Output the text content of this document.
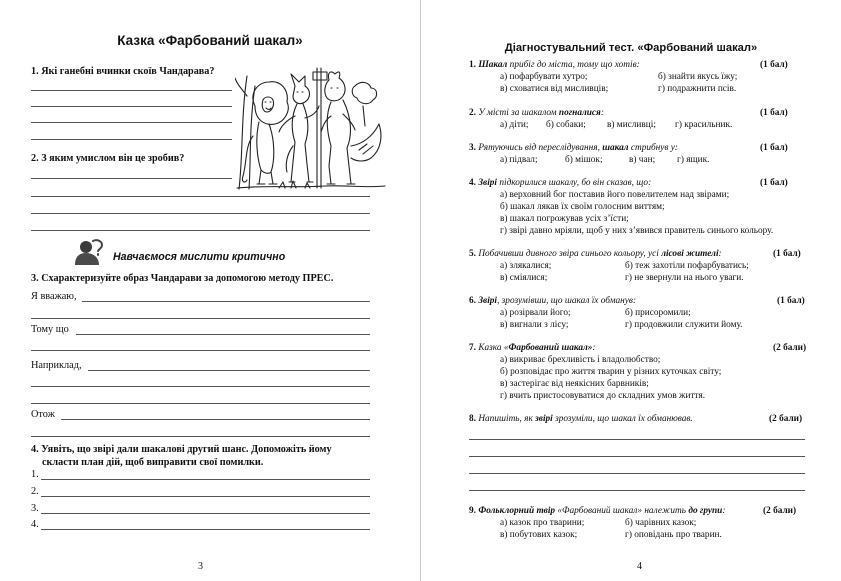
Казка «Фарбований шакал»
1. Які ганебні вчинки скоїв Чандарава?
2. З яким умислом він це зробив?
Навчаємося мислити критично
3. Схарактеризуйте образ Чандарави за допомогою методу ПРЕС.
Я вважаю,
Тому що
Наприклад,
Отож
4. Уявіть, що звірі дали шакалові другий шанс. Допоможіть йому
склaсти план дій, щоб виправити свої помилки.
1.
2.
3.
4.
3
Діагностувальний тест. «Фарбований шакал»
1. Шакал прибіг до міста, тому що хотів:	(1 бал)
а) пофарбувати хутро;	б) знайти якусь їжу;
в) сховатися від мисливців;	г) подражнити псів.
2. У місті за шакалом погналися:	(1 бал)
а) діти; б) собаки; в) мисливці; г) красильник.
3. Рятуючись від переслідування, шакал стрибнув у:	(1 бал)
а) підвал;	б) мішок;	в) чан; г) ящик.
4. Звірі підкорилися шакалу, бо він сказав, що:	(1 бал)
а) верховний бог поставив його повелителем над звірами;
б) шакал лякав їх своїм голосним виттям;
в) шакал погрожував усіх з’їсти;
г) звірі давно мріяли, щоб у них з’явився правитель синього кольору.
5. Побачивши дивного звіра синього кольору, усі лісові жителі:	(1 бал)
а) злякалися;	б) теж захотіли пофарбуватись;
в) сміялися;	г) не звернули на нього уваги.
6. Звірі, зрозумівши, що шакал їх обманув:	(1 бал)
а) розірвали його;	б) присоромили;
в) вигнали з лісу;	г) продовжили служити йому.
7. Казка «Фарбований шакал»:	(2 бали)
а) викриває брехливість і владолюбство;
б) розповідає про життя тварин у різних куточках світу;
в) застерігає від неякісних барвників;
г) вчить пристосовуватися до складних умов життя.
8. Напишіть, як звірі зрозуміли, що шакал їх обманював.	(2 бали)
9. Фольклорний твір «Фарбований шакал» належить до групи:	(2 бали)
а) казок про тварини;	б) чарівних казок;
в) побутових казок;	г) оповідань про тварин.
4
